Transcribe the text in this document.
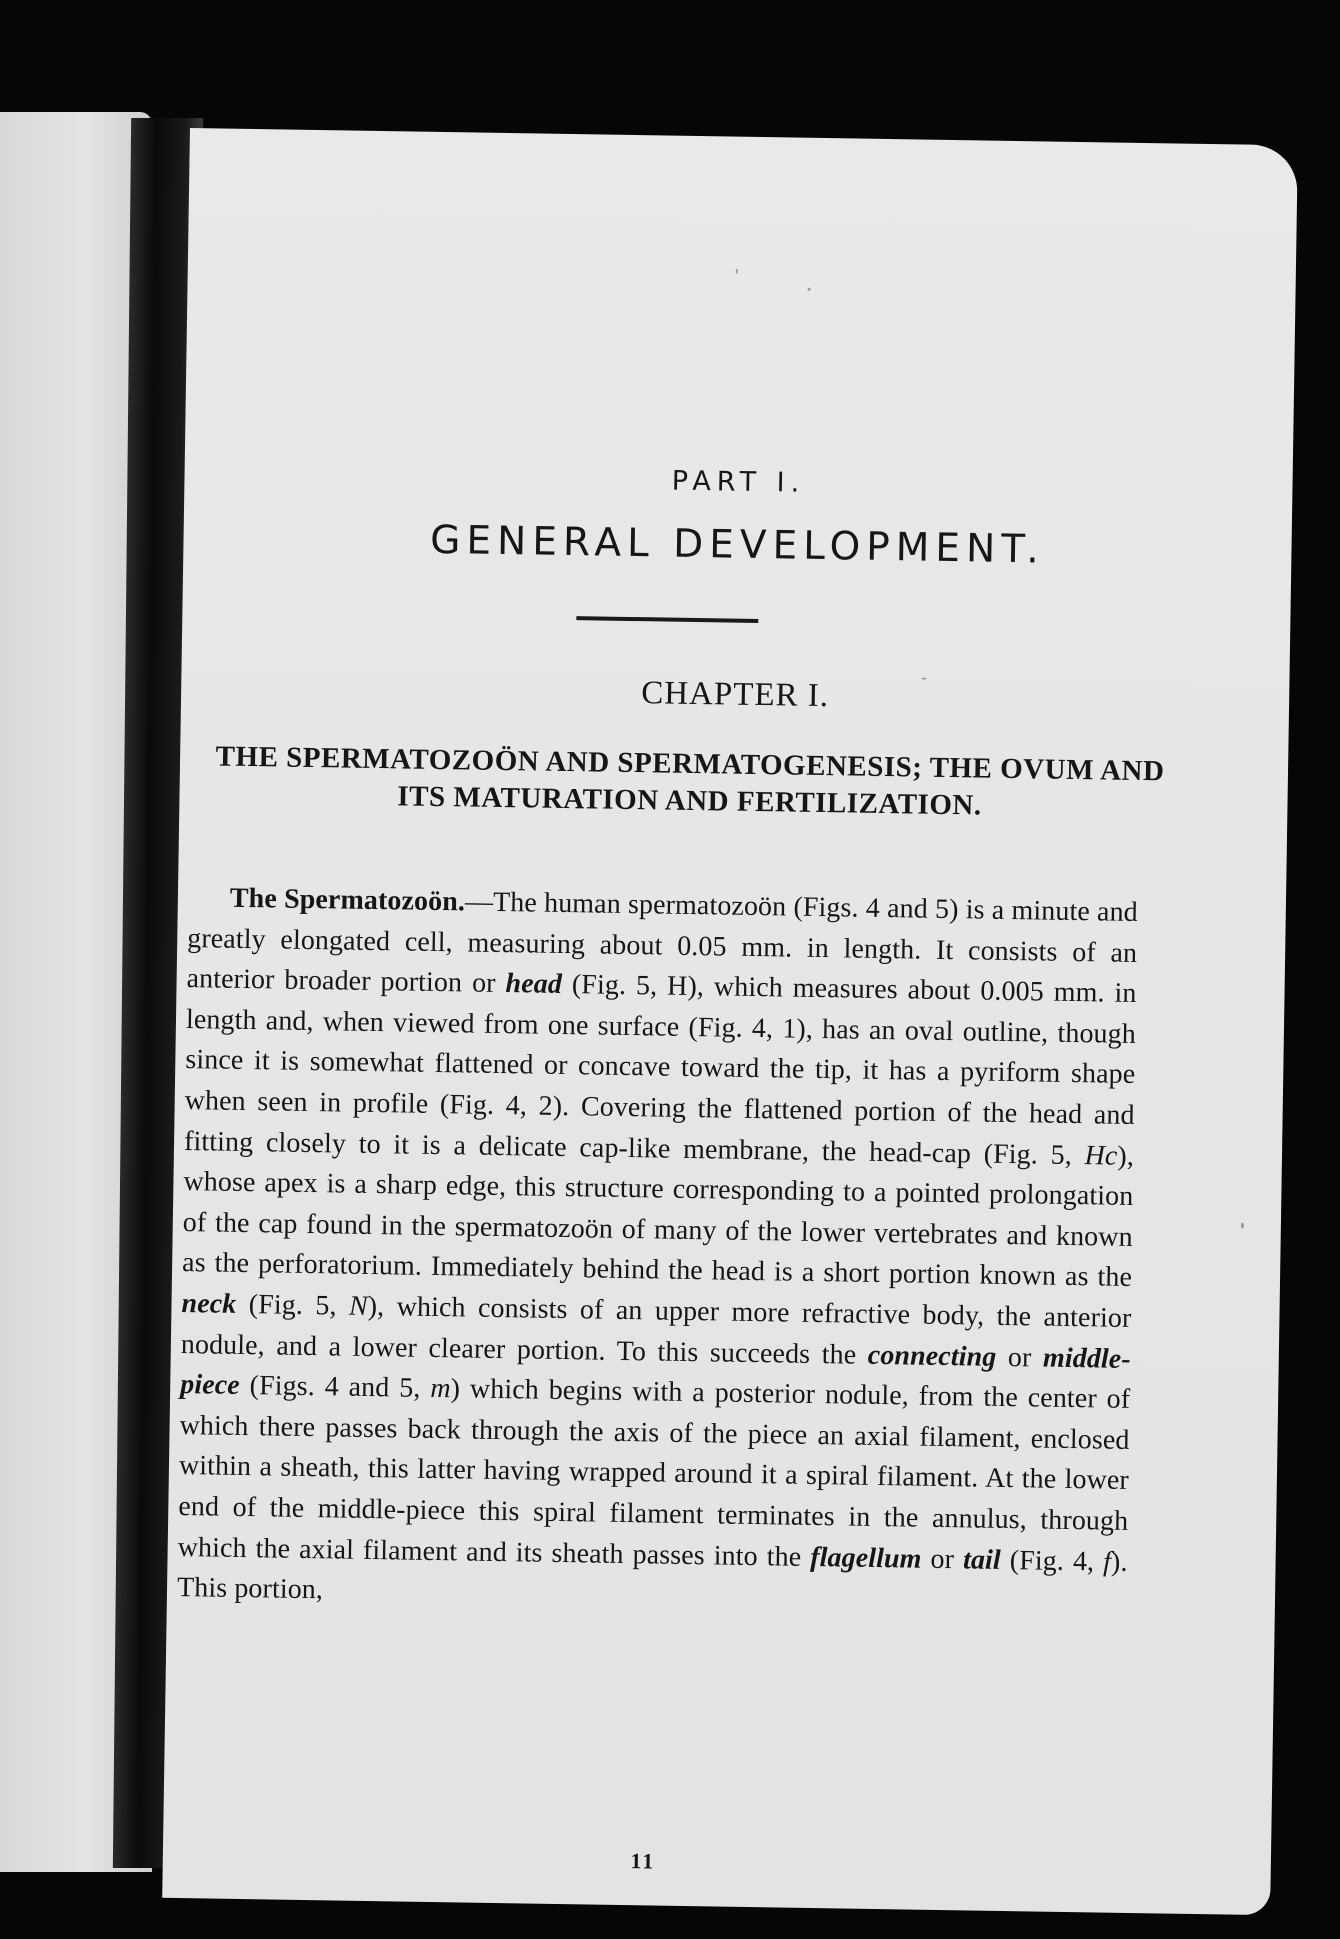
PART I.
GENERAL DEVELOPMENT.
CHAPTER I.
THE SPERMATOZOÖN AND SPERMATOGENESIS; THE OVUM AND ITS MATURATION AND FERTILIZATION.

The Spermatozoön.—The human spermatozoön (Figs. 4 and 5) is a minute and greatly elongated cell, measuring about 0.05 mm. in length. It consists of an anterior broader portion or head (Fig. 5, H), which measures about 0.005 mm. in length and, when viewed from one surface (Fig. 4, 1), has an oval outline, though since it is somewhat flattened or concave toward the tip, it has a pyriform shape when seen in profile (Fig. 4, 2). Covering the flattened portion of the head and fitting closely to it is a delicate cap-like membrane, the head-cap (Fig. 5, Hc), whose apex is a sharp edge, this structure corresponding to a pointed prolongation of the cap found in the spermatozoön of many of the lower vertebrates and known as the perforatorium. Immediately behind the head is a short portion known as the neck (Fig. 5, N), which consists of an upper more refractive body, the anterior nodule, and a lower clearer portion. To this succeeds the connecting or middle-piece (Figs. 4 and 5, m) which begins with a posterior nodule, from the center of which there passes back through the axis of the piece an axial filament, enclosed within a sheath, this latter having wrapped around it a spiral filament. At the lower end of the middle-piece this spiral filament terminates in the annulus, through which the axial filament and its sheath passes into the flagellum or tail (Fig. 4, f). This portion,

11
